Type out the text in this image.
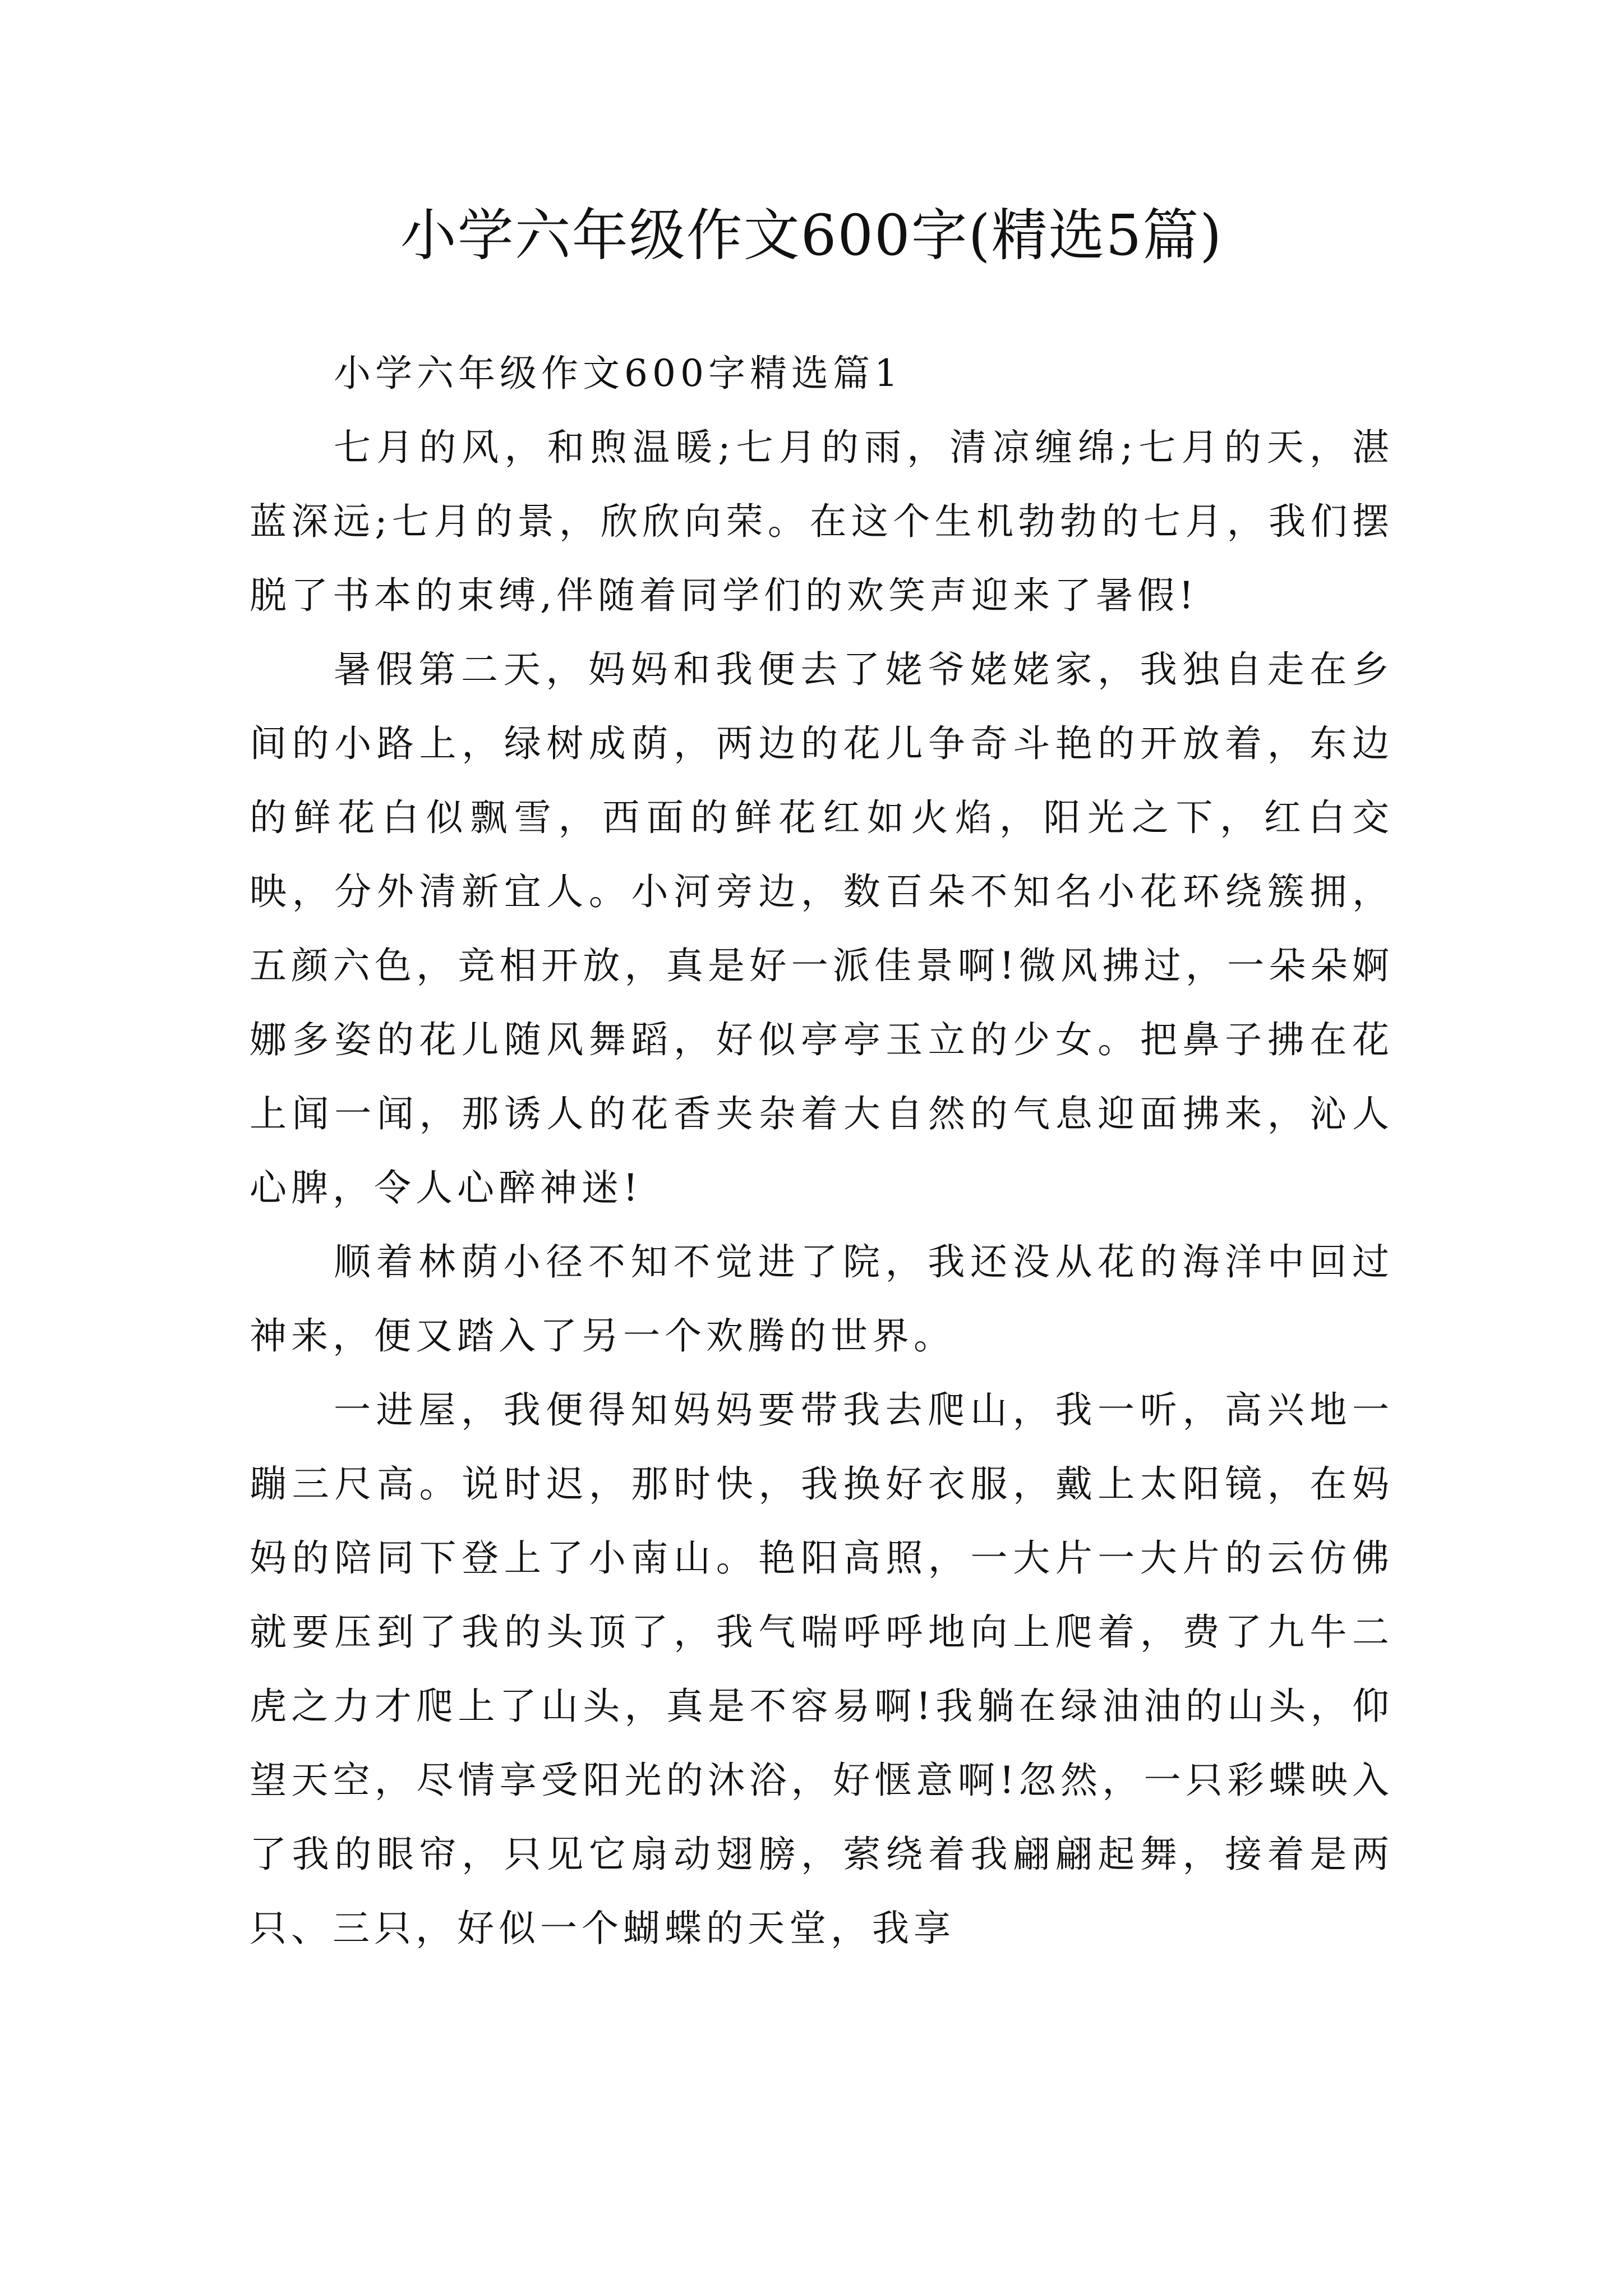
小学六年级作文600字(精选5篇)

小学六年级作文600字精选篇1

七月的风，和煦温暖;七月的雨，清凉缠绵;七月的天，湛蓝深远;七月的景，欣欣向荣。在这个生机勃勃的七月，我们摆脱了书本的束缚,伴随着同学们的欢笑声迎来了暑假!

暑假第二天，妈妈和我便去了姥爷姥姥家，我独自走在乡间的小路上，绿树成荫，两边的花儿争奇斗艳的开放着，东边的鲜花白似飘雪，西面的鲜花红如火焰，阳光之下，红白交映，分外清新宜人。小河旁边，数百朵不知名小花环绕簇拥，五颜六色，竞相开放，真是好一派佳景啊!微风拂过，一朵朵婀娜多姿的花儿随风舞蹈，好似亭亭玉立的少女。把鼻子拂在花上闻一闻，那诱人的花香夹杂着大自然的气息迎面拂来，沁人心脾，令人心醉神迷!

顺着林荫小径不知不觉进了院，我还没从花的海洋中回过神来，便又踏入了另一个欢腾的世界。

一进屋，我便得知妈妈要带我去爬山，我一听，高兴地一蹦三尺高。说时迟，那时快，我换好衣服，戴上太阳镜，在妈妈的陪同下登上了小南山。艳阳高照，一大片一大片的云仿佛就要压到了我的头顶了，我气喘呼呼地向上爬着，费了九牛二虎之力才爬上了山头，真是不容易啊!我躺在绿油油的山头，仰望天空，尽情享受阳光的沐浴，好惬意啊!忽然，一只彩蝶映入了我的眼帘，只见它扇动翅膀，萦绕着我翩翩起舞，接着是两只、三只，好似一个蝴蝶的天堂，我享
